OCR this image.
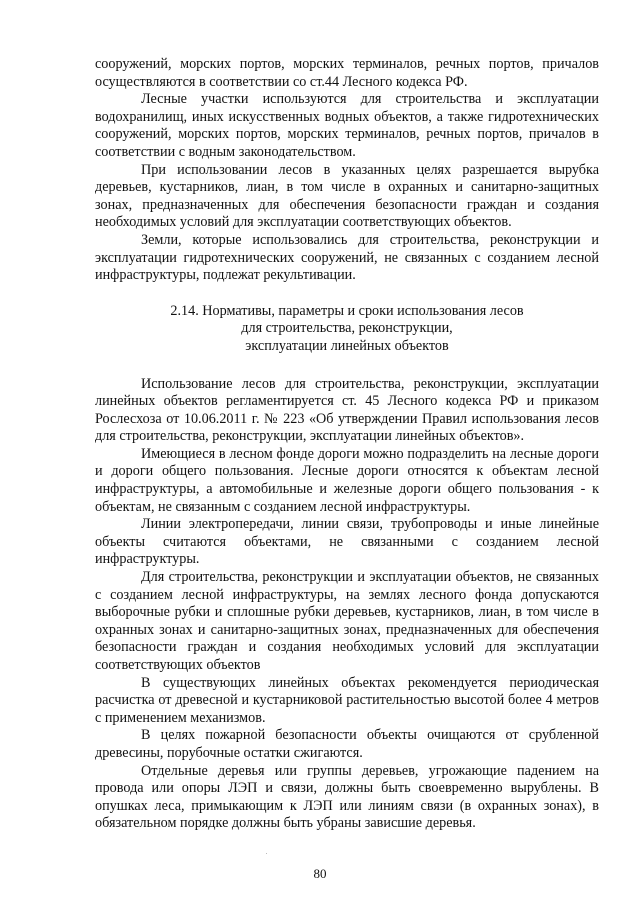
сооружений, морских портов, морских терминалов, речных портов, причалов осуществляются в соответствии со ст.44 Лесного кодекса РФ.

Лесные участки используются для строительства и эксплуатации водохранилищ, иных искусственных водных объектов, а также гидротехнических сооружений, морских портов, морских терминалов, речных портов, причалов в соответствии с водным законодательством.

При использовании лесов в указанных целях разрешается вырубка деревьев, кустарников, лиан, в том числе в охранных и санитарно-защитных зонах, предназначенных для обеспечения безопасности граждан и создания необходимых условий для эксплуатации соответствующих объектов.

Земли, которые использовались для строительства, реконструкции и эксплуатации гидротехнических сооружений, не связанных с созданием лесной инфраструктуры, подлежат рекультивации.

2.14. Нормативы, параметры и сроки использования лесов
для строительства, реконструкции,
эксплуатации линейных объектов

Использование лесов для строительства, реконструкции, эксплуатации линейных объектов регламентируется ст. 45 Лесного кодекса РФ и приказом Рослесхоза от 10.06.2011 г. № 223 «Об утверждении Правил использования лесов для строительства, реконструкции, эксплуатации линейных объектов».

Имеющиеся в лесном фонде дороги можно подразделить на лесные дороги и дороги общего пользования. Лесные дороги относятся к объектам лесной инфраструктуры, а автомобильные и железные дороги общего пользования - к объектам, не связанным с созданием лесной инфраструктуры.

Линии электропередачи, линии связи, трубопроводы и иные линейные объекты считаются объектами, не связанными с созданием лесной инфраструктуры.

Для строительства, реконструкции и эксплуатации объектов, не связанных с созданием лесной инфраструктуры, на землях лесного фонда допускаются выборочные рубки и сплошные рубки деревьев, кустарников, лиан, в том числе в охранных зонах и санитарно-защитных зонах, предназначенных для обеспечения безопасности граждан и создания необходимых условий для эксплуатации соответствующих объектов

В существующих линейных объектах рекомендуется периодическая расчистка от древесной и кустарниковой растительностью высотой более 4 метров с применением механизмов.

В целях пожарной безопасности объекты очищаются от срубленной древесины, порубочные остатки сжигаются.

Отдельные деревья или группы деревьев, угрожающие падением на провода или опоры ЛЭП и связи, должны быть своевременно вырублены. В опушках леса, примыкающим к ЛЭП или линиям связи (в охранных зонах), в обязательном порядке должны быть убраны зависшие деревья.

80
